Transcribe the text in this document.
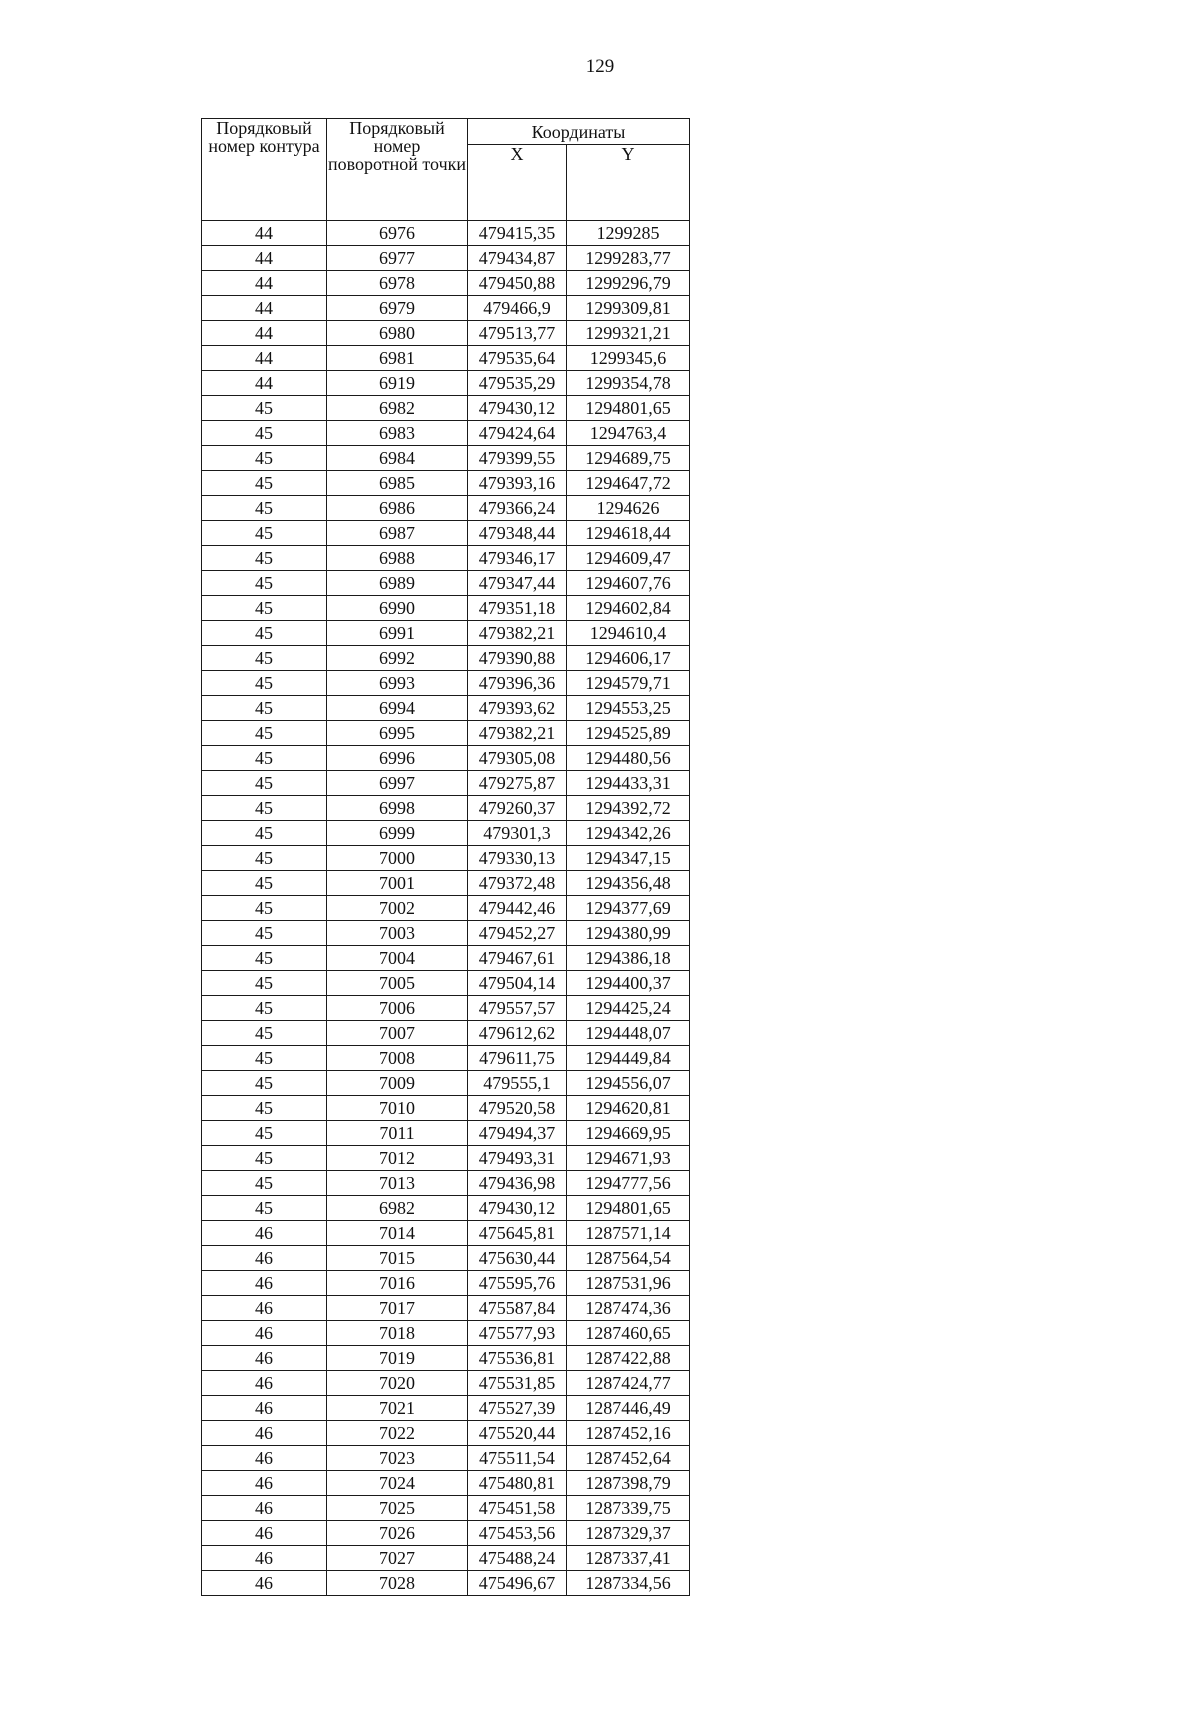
129
Порядковый номер контура	Порядковый номер поворотной точки	Координаты	
		X	Y
44	6976	479415,35	1299285
44	6977	479434,87	1299283,77
44	6978	479450,88	1299296,79
44	6979	479466,9	1299309,81
44	6980	479513,77	1299321,21
44	6981	479535,64	1299345,6
44	6919	479535,29	1299354,78
45	6982	479430,12	1294801,65
45	6983	479424,64	1294763,4
45	6984	479399,55	1294689,75
45	6985	479393,16	1294647,72
45	6986	479366,24	1294626
45	6987	479348,44	1294618,44
45	6988	479346,17	1294609,47
45	6989	479347,44	1294607,76
45	6990	479351,18	1294602,84
45	6991	479382,21	1294610,4
45	6992	479390,88	1294606,17
45	6993	479396,36	1294579,71
45	6994	479393,62	1294553,25
45	6995	479382,21	1294525,89
45	6996	479305,08	1294480,56
45	6997	479275,87	1294433,31
45	6998	479260,37	1294392,72
45	6999	479301,3	1294342,26
45	7000	479330,13	1294347,15
45	7001	479372,48	1294356,48
45	7002	479442,46	1294377,69
45	7003	479452,27	1294380,99
45	7004	479467,61	1294386,18
45	7005	479504,14	1294400,37
45	7006	479557,57	1294425,24
45	7007	479612,62	1294448,07
45	7008	479611,75	1294449,84
45	7009	479555,1	1294556,07
45	7010	479520,58	1294620,81
45	7011	479494,37	1294669,95
45	7012	479493,31	1294671,93
45	7013	479436,98	1294777,56
45	6982	479430,12	1294801,65
46	7014	475645,81	1287571,14
46	7015	475630,44	1287564,54
46	7016	475595,76	1287531,96
46	7017	475587,84	1287474,36
46	7018	475577,93	1287460,65
46	7019	475536,81	1287422,88
46	7020	475531,85	1287424,77
46	7021	475527,39	1287446,49
46	7022	475520,44	1287452,16
46	7023	475511,54	1287452,64
46	7024	475480,81	1287398,79
46	7025	475451,58	1287339,75
46	7026	475453,56	1287329,37
46	7027	475488,24	1287337,41
46	7028	475496,67	1287334,56
